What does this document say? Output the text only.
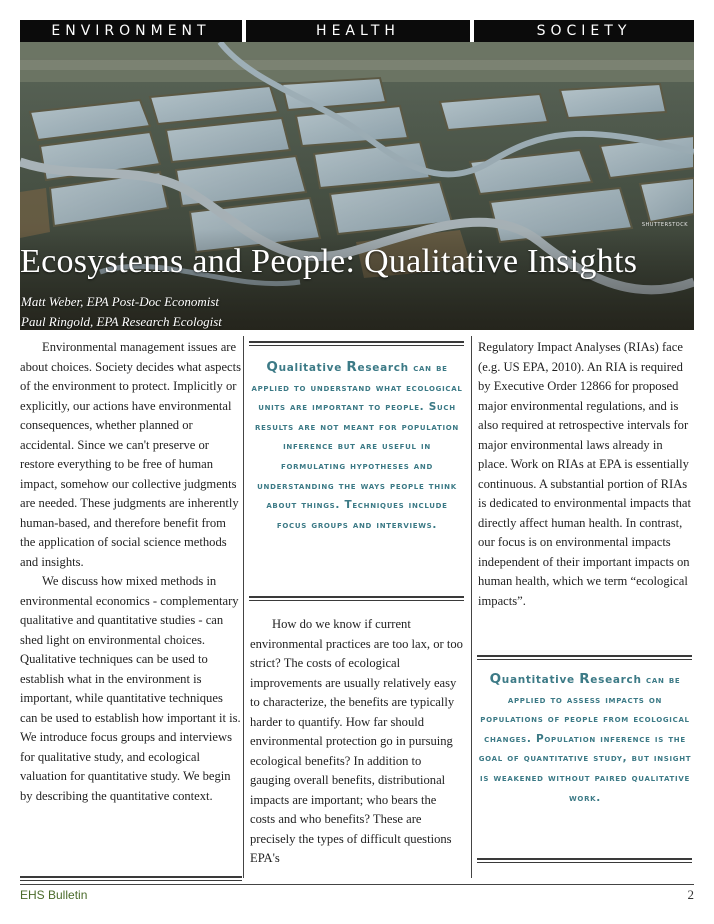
ENVIRONMENT	HEALTH	SOCIETY
SHUTTERSTOCK
Ecosystems and People: Qualitative Insights
Matt Weber, EPA Post-Doc Economist
Paul Ringold, EPA Research Ecologist

Environmental management issues are about choices. Society decides what aspects of the environment to protect. Implicitly or explicitly, our actions have environmental consequences, whether planned or accidental. Since we can't preserve or restore everything to be free of human impact, somehow our collective judgments are needed. These judgments are inherently human-based, and therefore benefit from the application of social science methods and insights.

We discuss how mixed methods in environmental economics - complementary qualitative and quantitative studies - can shed light on environmental choices. Qualitative techniques can be used to establish what in the environment is important, while quantitative techniques can be used to establish how important it is. We introduce focus groups and interviews for qualitative study, and ecological valuation for quantitative study. We begin by describing the quantitative context.

Qualitative Research can be applied to understand what ecological units are important to people. Such results are not meant for population inference but are useful in formulating hypotheses and understanding the ways people think about things. Techniques include focus groups and interviews.

How do we know if current environmental practices are too lax, or too strict? The costs of ecological improvements are usually relatively easy to characterize, the benefits are typically harder to quantify. How far should environmental protection go in pursuing ecological benefits? In addition to gauging overall benefits, distributional impacts are important; who bears the costs and who benefits? These are precisely the types of difficult questions EPA's

Regulatory Impact Analyses (RIAs) face (e.g. US EPA, 2010). An RIA is required by Executive Order 12866 for proposed major environmental regulations, and is also required at retrospective intervals for major environmental laws already in place. Work on RIAs at EPA is essentially continuous. A substantial portion of RIAs is dedicated to environmental impacts that directly affect human health. In contrast, our focus is on environmental impacts independent of their important impacts on human health, which we term “ecological impacts”.

Quantitative Research can be applied to assess impacts on populations of people from ecological changes. Population inference is the goal of quantitative study, but insight is weakened without paired qualitative work.
EHS Bulletin	2
